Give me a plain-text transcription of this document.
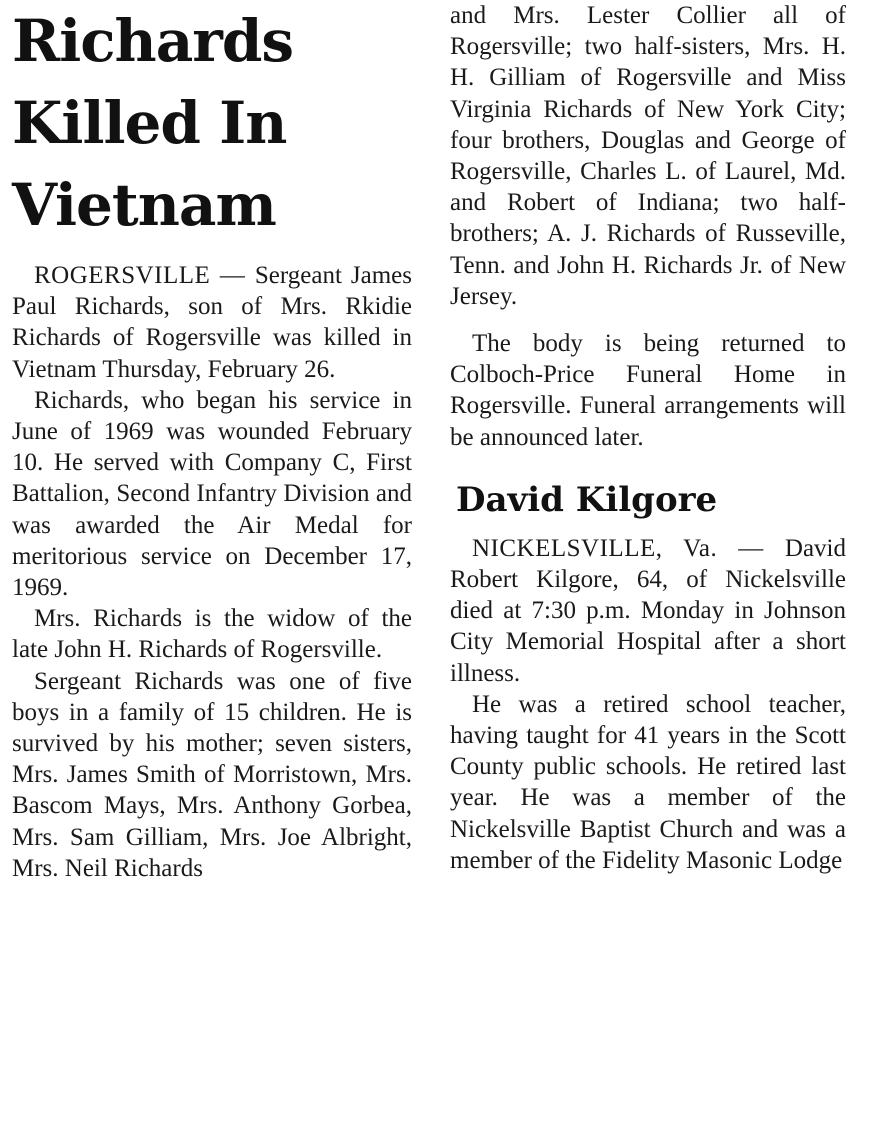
Richards
Killed In
Vietnam

ROGERSVILLE — Sergeant James Paul Richards, son of Mrs. Rkidie Richards of Rogersville was killed in Vietnam Thursday, February 26.

Richards, who began his service in June of 1969 was wounded February 10. He served with Company C, First Battalion, Second Infantry Division and was awarded the Air Medal for meritorious service on December 17, 1969.

Mrs. Richards is the widow of the late John H. Richards of Rogersville.

Sergeant Richards was one of five boys in a family of 15 children. He is survived by his mother; seven sisters, Mrs. James Smith of Morristown, Mrs. Bascom Mays, Mrs. Anthony Gorbea, Mrs. Sam Gilliam, Mrs. Joe Albright, Mrs. Neil Richards

and Mrs. Lester Collier all of Rogersville; two half-sisters, Mrs. H. H. Gilliam of Rogersville and Miss Virginia Richards of New York City; four brothers, Douglas and George of Rogersville, Charles L. of Laurel, Md. and Robert of Indiana; two half-brothers; A. J. Richards of Russeville, Tenn. and John H. Richards Jr. of New Jersey.

The body is being returned to Colboch-Price Funeral Home in Rogersville. Funeral arrangements will be announced later.

David Kilgore

NICKELSVILLE, Va. — David Robert Kilgore, 64, of Nickelsville died at 7:30 p.m. Monday in Johnson City Memorial Hospital after a short illness.

He was a retired school teacher, having taught for 41 years in the Scott County public schools. He retired last year. He was a member of the Nickelsville Baptist Church and was a member of the Fidelity Masonic Lodge
